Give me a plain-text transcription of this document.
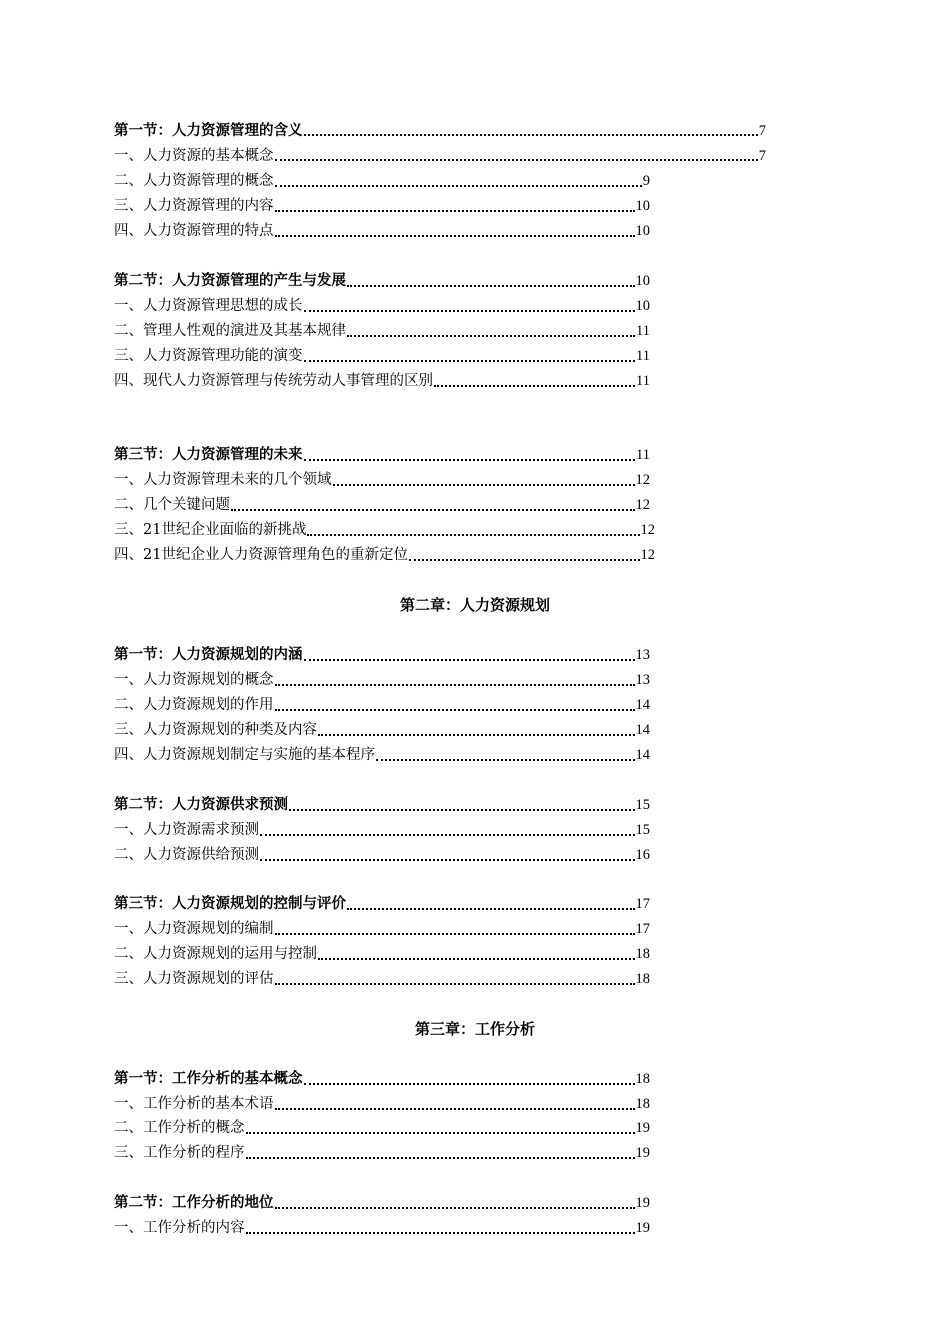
第一节：人力资源管理的含义	7
一、人力资源的基本概念	7
二、人力资源管理的概念	9
三、人力资源管理的内容	10
四、人力资源管理的特点	10
第二节：人力资源管理的产生与发展	10
一、人力资源管理思想的成长	10
二、管理人性观的演进及其基本规律	11
三、人力资源管理功能的演变	11
四、现代人力资源管理与传统劳动人事管理的区别	11
第三节：人力资源管理的未来	11
一、人力资源管理未来的几个领域	12
二、几个关键问题	12
三、21世纪企业面临的新挑战	12
四、21世纪企业人力资源管理角色的重新定位	12
第二章：人力资源规划
第一节：人力资源规划的内涵	13
一、人力资源规划的概念	13
二、人力资源规划的作用	14
三、人力资源规划的种类及内容	14
四、人力资源规划制定与实施的基本程序	14
第二节：人力资源供求预测	15
一、人力资源需求预测	15
二、人力资源供给预测	16
第三节：人力资源规划的控制与评价	17
一、人力资源规划的编制	17
二、人力资源规划的运用与控制	18
三、人力资源规划的评估	18
第三章：工作分析
第一节：工作分析的基本概念	18
一、工作分析的基本术语	18
二、工作分析的概念	19
三、工作分析的程序	19
第二节：工作分析的地位	19
一、工作分析的内容	19
